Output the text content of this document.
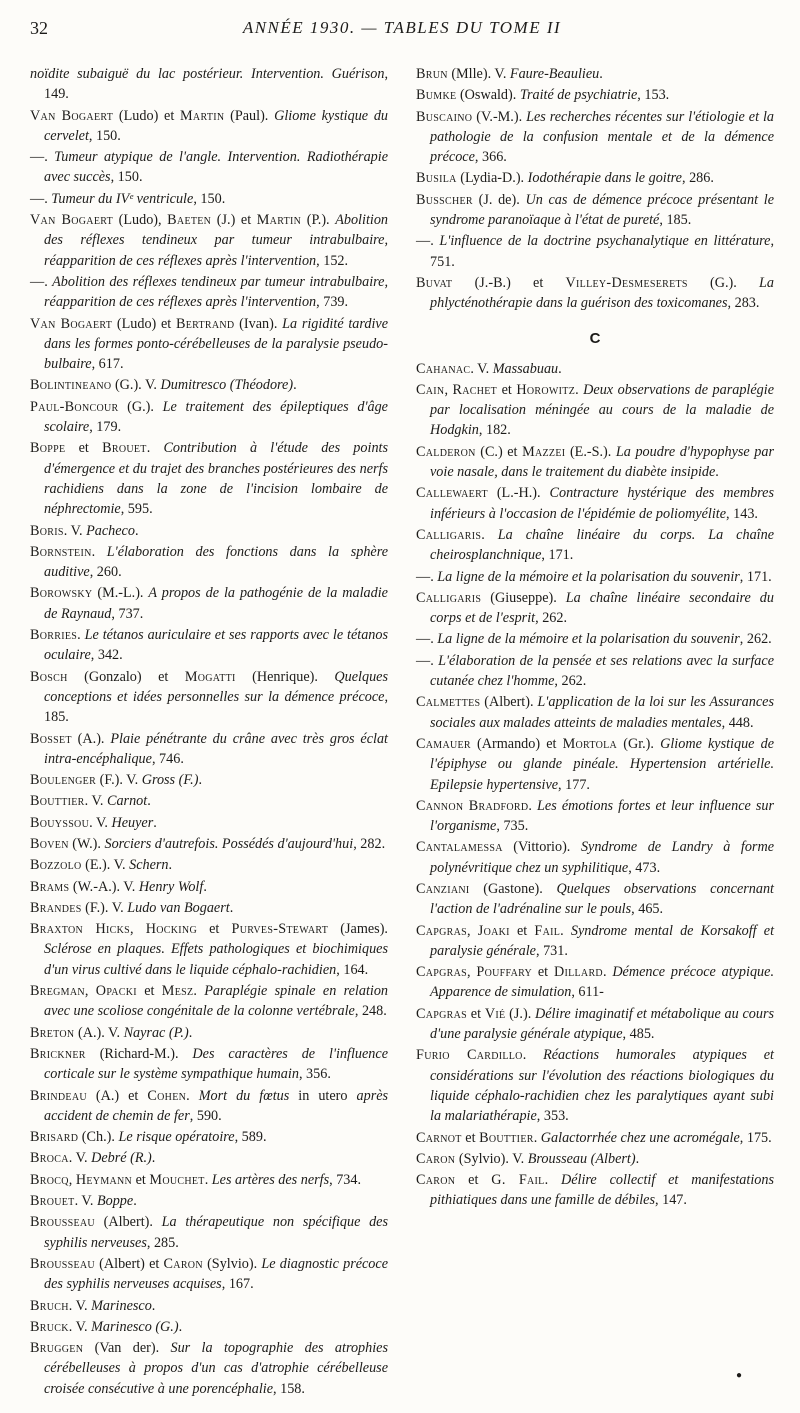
32	ANNÉE 1930. — TABLES DU TOME II

noïdite subaiguë du lac postérieur. Intervention. Guérison, 149.

Van Bogaert (Ludo) et Martin (Paul). Gliome kystique du cervelet, 150.

—. Tumeur atypique de l'angle. Intervention. Radiothérapie avec succès, 150.

—. Tumeur du IVᵉ ventricule, 150.

Van Bogaert (Ludo), Baeten (J.) et Martin (P.). Abolition des réflexes tendineux par tumeur intrabulbaire, réapparition de ces réflexes après l'intervention, 152.

—. Abolition des réflexes tendineux par tumeur intrabulbaire, réapparition de ces réflexes après l'intervention, 739.

Van Bogaert (Ludo) et Bertrand (Ivan). La rigidité tardive dans les formes ponto-cérébelleuses de la paralysie pseudo-bulbaire, 617.

Bolintineano (G.). V. Dumitresco (Théodore).

Paul-Boncour (G.). Le traitement des épileptiques d'âge scolaire, 179.

Boppe et Brouet. Contribution à l'étude des points d'émergence et du trajet des branches postérieures des nerfs rachidiens dans la zone de l'incision lombaire de néphrectomie, 595.

Boris. V. Pacheco.

Bornstein. L'élaboration des fonctions dans la sphère auditive, 260.

Borowsky (M.-L.). A propos de la pathogénie de la maladie de Raynaud, 737.

Borries. Le tétanos auriculaire et ses rapports avec le tétanos oculaire, 342.

Bosch (Gonzalo) et Mogatti (Henrique). Quelques conceptions et idées personnelles sur la démence précoce, 185.

Bosset (A.). Plaie pénétrante du crâne avec très gros éclat intra-encéphalique, 746.

Boulenger (F.). V. Gross (F.).

Bouttier. V. Carnot.

Bouyssou. V. Heuyer.

Boven (W.). Sorciers d'autrefois. Possédés d'aujourd'hui, 282.

Bozzolo (E.). V. Schern.

Brams (W.-A.). V. Henry Wolf.

Brandes (F.). V. Ludo van Bogaert.

Braxton Hicks, Hocking et Purves-Stewart (James). Sclérose en plaques. Effets pathologiques et biochimiques d'un virus cultivé dans le liquide céphalo-rachidien, 164.

Bregman, Opacki et Mesz. Paraplégie spinale en relation avec une scoliose congénitale de la colonne vertébrale, 248.

Breton (A.). V. Nayrac (P.).

Brickner (Richard-M.). Des caractères de l'influence corticale sur le système sympathique humain, 356.

Brindeau (A.) et Cohen. Mort du fœtus in utero après accident de chemin de fer, 590.

Brisard (Ch.). Le risque opératoire, 589.

Broca. V. Debré (R.).

Brocq, Heymann et Mouchet. Les artères des nerfs, 734.

Brouet. V. Boppe.

Brousseau (Albert). La thérapeutique non spécifique des syphilis nerveuses, 285.

Brousseau (Albert) et Caron (Sylvio). Le diagnostic précoce des syphilis nerveuses acquises, 167.

Bruch. V. Marinesco.

Bruck. V. Marinesco (G.).

Bruggen (Van der). Sur la topographie des atrophies cérébelleuses à propos d'un cas d'atrophie cérébelleuse croisée consécutive à une porencéphalie, 158.

Brun (Mlle). V. Faure-Beaulieu.

Bumke (Oswald). Traité de psychiatrie, 153.

Buscaino (V.-M.). Les recherches récentes sur l'étiologie et la pathologie de la confusion mentale et de la démence précoce, 366.

Busila (Lydia-D.). Iodothérapie dans le goitre, 286.

Busscher (J. de). Un cas de démence précoce présentant le syndrome paranoïaque à l'état de pureté, 185.

—. L'influence de la doctrine psychanalytique en littérature, 751.

Buvat (J.-B.) et Villey-Desmeserets (G.). La phlycténothérapie dans la guérison des toxicomanes, 283.

C

Cahanac. V. Massabuau.

Cain, Rachet et Horowitz. Deux observations de paraplégie par localisation méningée au cours de la maladie de Hodgkin, 182.

Calderon (C.) et Mazzei (E.-S.). La poudre d'hypophyse par voie nasale, dans le traitement du diabète insipide.

Callewaert (L.-H.). Contracture hystérique des membres inférieurs à l'occasion de l'épidémie de poliomyélite, 143.

Calligaris. La chaîne linéaire du corps. La chaîne cheirosplanchnique, 171.

—. La ligne de la mémoire et la polarisation du souvenir, 171.

Calligaris (Giuseppe). La chaîne linéaire secondaire du corps et de l'esprit, 262.

—. La ligne de la mémoire et la polarisation du souvenir, 262.

—. L'élaboration de la pensée et ses relations avec la surface cutanée chez l'homme, 262.

Calmettes (Albert). L'application de la loi sur les Assurances sociales aux malades atteints de maladies mentales, 448.

Camauer (Armando) et Mortola (Gr.). Gliome kystique de l'épiphyse ou glande pinéale. Hypertension artérielle. Epilepsie hypertensive, 177.

Cannon Bradford. Les émotions fortes et leur influence sur l'organisme, 735.

Cantalamessa (Vittorio). Syndrome de Landry à forme polynévritique chez un syphilitique, 473.

Canziani (Gastone). Quelques observations concernant l'action de l'adrénaline sur le pouls, 465.

Capgras, Joaki et Fail. Syndrome mental de Korsakoff et paralysie générale, 731.

Capgras, Pouffary et Dillard. Démence précoce atypique. Apparence de simulation, 611-

Capgras et Vié (J.). Délire imaginatif et métabolique au cours d'une paralysie générale atypique, 485.

Furio Cardillo. Réactions humorales atypiques et considérations sur l'évolution des réactions biologiques du liquide céphalo-rachidien chez les paralytiques ayant subi la malariathérapie, 353.

Carnot et Bouttier. Galactorrhée chez une acromégale, 175.

Caron (Sylvio). V. Brousseau (Albert).

Caron et G. Fail. Délire collectif et manifestations pithiatiques dans une famille de débiles, 147.

●
